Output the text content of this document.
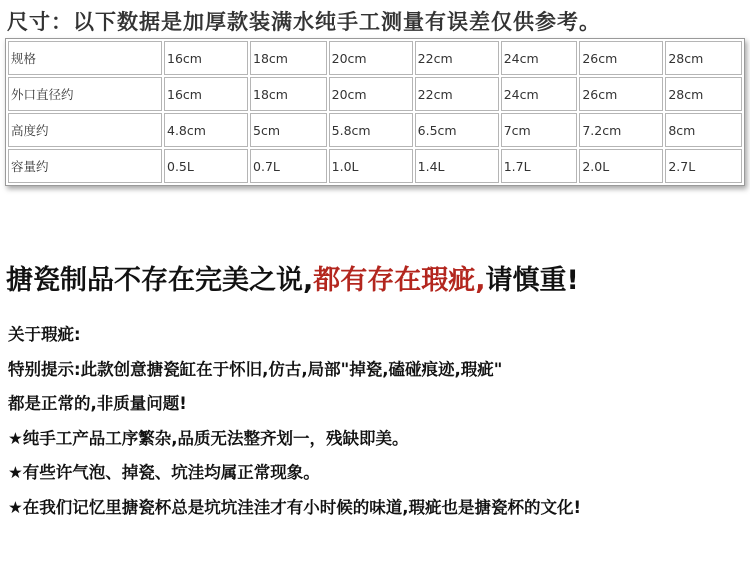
尺寸：以下数据是加厚款装满水纯手工测量有误差仅供参考。
规格	16cm	18cm	20cm	22cm	24cm	26cm	28cm
外口直径约	16cm	18cm	20cm	22cm	24cm	26cm	28cm
高度约	4.8cm	5cm	5.8cm	6.5cm	7cm	7.2cm	8cm
容量约	0.5L	0.7L	1.0L	1.4L	1.7L	2.0L	2.7L
搪瓷制品不存在完美之说,都有存在瑕疵,请慎重!
关于瑕疵:
特别提示:此款创意搪瓷缸在于怀旧,仿古,局部"掉瓷,磕碰痕迹,瑕疵"
都是正常的,非质量问题!
★纯手工产品工序繁杂,品质无法整齐划一，残缺即美。
★有些许气泡、掉瓷、坑洼均属正常现象。
★在我们记忆里搪瓷杯总是坑坑洼洼才有小时候的味道,瑕疵也是搪瓷杯的文化!
